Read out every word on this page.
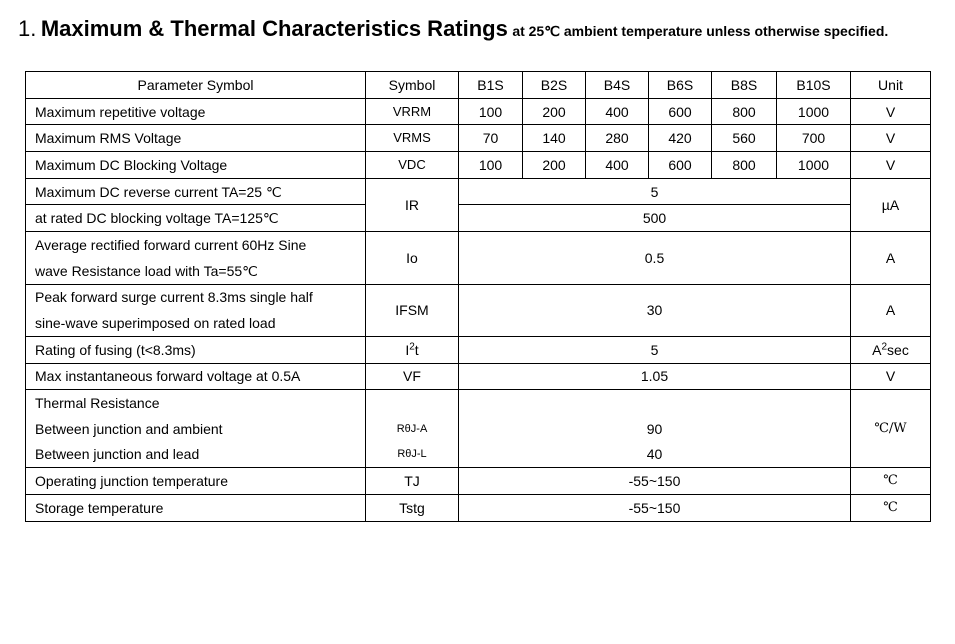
1. Maximum & Thermal Characteristics Ratings at 25℃ ambient temperature unless otherwise specified.
Parameter Symbol	Symbol	B1S	B2S	B4S	B6S	B8S	B10S	Unit
Maximum repetitive voltage	VRRM	100	200	400	600	800	1000	V
Maximum RMS Voltage	VRMS	70	140	280	420	560	700	V
Maximum DC Blocking Voltage	VDC	100	200	400	600	800	1000	V
Maximum DC reverse current TA=25 ℃	IR	5						µA
at rated DC blocking voltage TA=125℃		500						
Average rectified forward current 60Hz Sine	Io	0.5						A
wave Resistance load with Ta=55℃								
Peak forward surge current 8.3ms single half	IFSM	30						A
sine-wave superimposed on rated load								
Rating of fusing (t<8.3ms)	$I^2t$	5						$A^2\sec$
Max instantaneous forward voltage at 0.5A	VF	1.05						V
Thermal Resistance								℃/W
Between junction and ambient	RθJ-A	90						
Between junction and lead	RθJ-L	40						
Operating junction temperature	TJ	-55~150						℃
Storage temperature	Tstg	-55~150						℃
